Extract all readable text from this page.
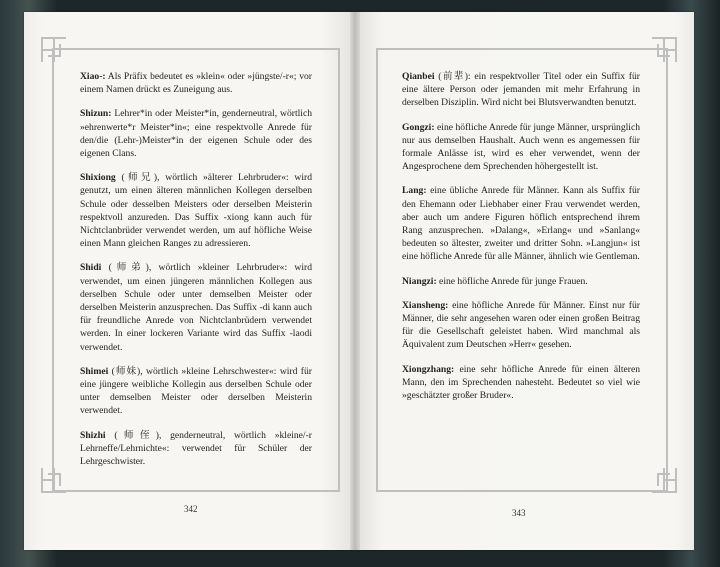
Xiao-: Als Präfix bedeutet es »klein« oder »jüngste/-r«; vor einem Namen drückt es Zuneigung aus.

Shizun: Lehrer*in oder Meister*in, genderneutral, wörtlich »ehrenwerte*r Meister*in«; eine respektvolle Anrede für den/die (Lehr-)Meister*in der eigenen Schule oder des eigenen Clans.

Shixiong (师兄), wörtlich »älterer Lehrbruder«: wird genutzt, um einen älteren männlichen Kollegen derselben Schule oder desselben Meisters oder derselben Meisterin respektvoll anzureden. Das Suffix -xiong kann auch für Nichtclanbrüder verwendet werden, um auf höfliche Weise einen Mann gleichen Ranges zu adressieren.

Shidi (师弟), wörtlich »kleiner Lehrbruder«: wird verwendet, um einen jüngeren männlichen Kollegen aus derselben Schule oder unter demselben Meister oder derselben Meisterin anzusprechen. Das Suffix -di kann auch für freundliche Anrede von Nichtclanbrüdern verwendet werden. In einer lockeren Variante wird das Suffix -laodi verwendet.

Shimei (师妹), wörtlich »kleine Lehrschwester«: wird für eine jüngere weibliche Kollegin aus derselben Schule oder unter demselben Meister oder derselben Meisterin verwendet.

Shizhi (师侄), genderneutral, wörtlich »kleine/-r Lehrneffe/Lehrnichte«: verwendet für Schüler der Lehrgeschwister.

342

Qianbei (前辈): ein respektvoller Titel oder ein Suffix für eine ältere Person oder jemanden mit mehr Erfahrung in derselben Disziplin. Wird nicht bei Blutsverwandten benutzt.

Gongzi: eine höfliche Anrede für junge Männer, ursprünglich nur aus demselben Haushalt. Auch wenn es angemessen für formale Anlässe ist, wird es eher verwendet, wenn der Angesprochene dem Sprechenden höhergestellt ist.

Lang: eine übliche Anrede für Männer. Kann als Suffix für den Ehemann oder Liebhaber einer Frau verwendet werden, aber auch um andere Figuren höflich entsprechend ihrem Rang anzusprechen. »Dalang«, »Erlang« und »Sanlang« bedeuten so ältester, zweiter und dritter Sohn. »Langjun« ist eine höfliche Anrede für alle Männer, ähnlich wie Gentleman.

Niangzi: eine höfliche Anrede für junge Frauen.

Xiansheng: eine höfliche Anrede für Männer. Einst nur für Männer, die sehr angesehen waren oder einen großen Beitrag für die Gesellschaft geleistet haben. Wird manchmal als Äquivalent zum Deutschen »Herr« gesehen.

Xiongzhang: eine sehr höfliche Anrede für einen älteren Mann, den im Sprechenden nahesteht. Bedeutet so viel wie »geschätzter großer Bruder«.

343
